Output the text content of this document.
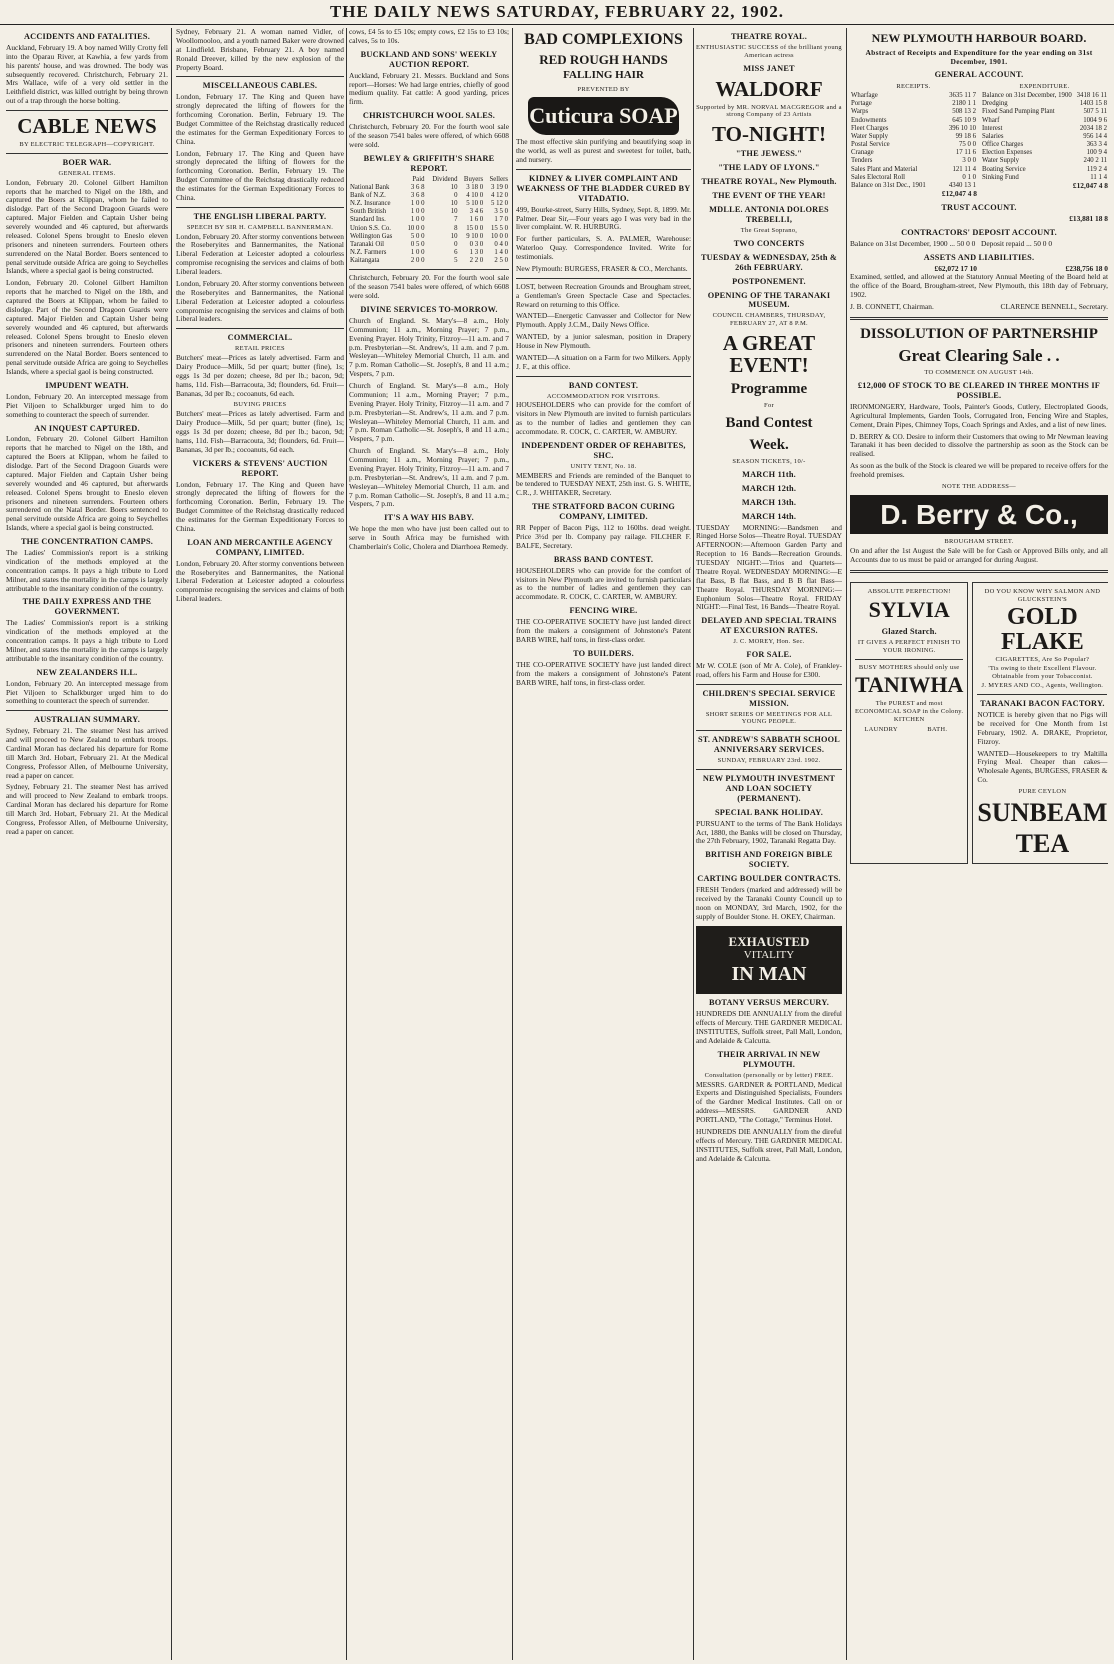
THE DAILY NEWS SATURDAY, FEBRUARY 22, 1902.
ACCIDENTS AND FATALITIES.

Auckland, February 19. A boy named Willy Crotty fell into the Oparau River, at Kawhia, a few yards from his parents' house, and was drowned. The body was subsequently recovered. Christchurch, February 21. Mrs Wallace, wife of a very old settler in the Leithfield district, was killed outright by being thrown out of a trap through the horse bolting.

CABLE NEWS
BY ELECTRIC TELEGRAPH—COPYRIGHT.
BOER WAR.
GENERAL ITEMS.

London, February 20. Colonel Gilbert Hamilton reports that he marched to Nigel on the 18th, and captured the Boers at Klippan, whom he failed to dislodge. Part of the Second Dragoon Guards were captured. Major Fielden and Captain Usher being severely wounded and 46 captured, but afterwards released. Colonel Spens brought to Eneslo eleven prisoners and nineteen surrenders. Fourteen others surrendered on the Natal Border. Boers sentenced to penal servitude outside Africa are going to Seychelles Islands, where a special gaol is being constructed.

London, February 20. Colonel Gilbert Hamilton reports that he marched to Nigel on the 18th, and captured the Boers at Klippan, whom he failed to dislodge. Part of the Second Dragoon Guards were captured. Major Fielden and Captain Usher being severely wounded and 46 captured, but afterwards released. Colonel Spens brought to Eneslo eleven prisoners and nineteen surrenders. Fourteen others surrendered on the Natal Border. Boers sentenced to penal servitude outside Africa are going to Seychelles Islands, where a special gaol is being constructed.

IMPUDENT WEATH.

London, February 20. An intercepted message from Piet Viljoen to Schalkburger urged him to do something to counteract the speech of surrender.

AN INQUEST CAPTURED.

London, February 20. Colonel Gilbert Hamilton reports that he marched to Nigel on the 18th, and captured the Boers at Klippan, whom he failed to dislodge. Part of the Second Dragoon Guards were captured. Major Fielden and Captain Usher being severely wounded and 46 captured, but afterwards released. Colonel Spens brought to Eneslo eleven prisoners and nineteen surrenders. Fourteen others surrendered on the Natal Border. Boers sentenced to penal servitude outside Africa are going to Seychelles Islands, where a special gaol is being constructed.

THE CONCENTRATION CAMPS.

The Ladies' Commission's report is a striking vindication of the methods employed at the concentration camps. It pays a high tribute to Lord Milner, and states the mortality in the camps is largely attributable to the insanitary condition of the country.

THE DAILY EXPRESS AND THE GOVERNMENT.

The Ladies' Commission's report is a striking vindication of the methods employed at the concentration camps. It pays a high tribute to Lord Milner, and states the mortality in the camps is largely attributable to the insanitary condition of the country.

NEW ZEALANDERS ILL.

London, February 20. An intercepted message from Piet Viljoen to Schalkburger urged him to do something to counteract the speech of surrender.

AUSTRALIAN SUMMARY.

Sydney, February 21. The steamer Nest has arrived and will proceed to New Zealand to embark troops. Cardinal Moran has declared his departure for Rome till March 3rd. Hobart, February 21. At the Medical Congress, Professor Allen, of Melbourne University, read a paper on cancer.

Sydney, February 21. The steamer Nest has arrived and will proceed to New Zealand to embark troops. Cardinal Moran has declared his departure for Rome till March 3rd. Hobart, February 21. At the Medical Congress, Professor Allen, of Melbourne University, read a paper on cancer.

Sydney, February 21. A woman named Vidler, of Woollomooloo, and a youth named Baker were drowned at Lindfield. Brisbane, February 21. A boy named Ronald Dreever, killed by the new explosion of the Property Board.

MISCELLANEOUS CABLES.

London, February 17. The King and Queen have strongly deprecated the lifting of flowers for the forthcoming Coronation. Berlin, February 19. The Budget Committee of the Reichstag drastically reduced the estimates for the German Expeditionary Forces to China.

London, February 17. The King and Queen have strongly deprecated the lifting of flowers for the forthcoming Coronation. Berlin, February 19. The Budget Committee of the Reichstag drastically reduced the estimates for the German Expeditionary Forces to China.

THE ENGLISH LIBERAL PARTY.
SPEECH BY SIR H. CAMPBELL BANNERMAN.

London, February 20. After stormy conventions between the Roseberyites and Bannermanites, the National Liberal Federation at Leicester adopted a colourless compromise recognising the services and claims of both Liberal leaders.

London, February 20. After stormy conventions between the Roseberyites and Bannermanites, the National Liberal Federation at Leicester adopted a colourless compromise recognising the services and claims of both Liberal leaders.

COMMERCIAL.
RETAIL PRICES

Butchers' meat—Prices as lately advertised. Farm and Dairy Produce—Milk, 5d per quart; butter (fine), 1s; eggs 1s 3d per dozen; cheese, 8d per lb.; bacon, 9d; hams, 11d. Fish—Barracouta, 3d; flounders, 6d. Fruit—Bananas, 3d per lb.; cocoanuts, 6d each.

BUYING PRICES

Butchers' meat—Prices as lately advertised. Farm and Dairy Produce—Milk, 5d per quart; butter (fine), 1s; eggs 1s 3d per dozen; cheese, 8d per lb.; bacon, 9d; hams, 11d. Fish—Barracouta, 3d; flounders, 6d. Fruit—Bananas, 3d per lb.; cocoanuts, 6d each.

VICKERS & STEVENS' AUCTION REPORT.

London, February 17. The King and Queen have strongly deprecated the lifting of flowers for the forthcoming Coronation. Berlin, February 19. The Budget Committee of the Reichstag drastically reduced the estimates for the German Expeditionary Forces to China.

LOAN AND MERCANTILE AGENCY COMPANY, LIMITED.

London, February 20. After stormy conventions between the Roseberyites and Bannermanites, the National Liberal Federation at Leicester adopted a colourless compromise recognising the services and claims of both Liberal leaders.

cows, £4 5s to £5 10s; empty cows, £2 15s to £3 10s; calves, 5s to 10s.

BUCKLAND AND SONS' WEEKLY AUCTION REPORT.

Auckland, February 21. Messrs. Buckland and Sons report—Horses: We had large entries, chiefly of good medium quality. Fat cattle: A good yarding, prices firm.

CHRISTCHURCH WOOL SALES.

Christchurch, February 20. For the fourth wool sale of the season 7541 bales were offered, of which 6608 were sold.

BEWLEY & GRIFFITH'S SHARE REPORT.
	Paid	Dividend	Buyers	Sellers
National Bank	3 6 8	10	3 18 0	3 19 0
Bank of N.Z.	3 6 8	0	4 10 0	4 12 0
N.Z. Insurance	1 0 0	10	5 10 0	5 12 0
South British	1 0 0	10	3 4 6	3 5 0
Standard Ins.	1 0 0	7	1 6 0	1 7 0
Union S.S. Co.	10 0 0	8	15 0 0	15 5 0
Wellington Gas	5 0 0	10	9 10 0	10 0 0
Taranaki Oil	0 5 0	0	0 3 0	0 4 0
N.Z. Farmers	1 0 0	6	1 3 0	1 4 0
Kaitangata	2 0 0	5	2 2 0	2 5 0

Christchurch, February 20. For the fourth wool sale of the season 7541 bales were offered, of which 6608 were sold.

DIVINE SERVICES TO-MORROW.

Church of England. St. Mary's—8 a.m., Holy Communion; 11 a.m., Morning Prayer; 7 p.m., Evening Prayer. Holy Trinity, Fitzroy—11 a.m. and 7 p.m. Presbyterian—St. Andrew's, 11 a.m. and 7 p.m. Wesleyan—Whiteley Memorial Church, 11 a.m. and 7 p.m. Roman Catholic—St. Joseph's, 8 and 11 a.m.; Vespers, 7 p.m.

Church of England. St. Mary's—8 a.m., Holy Communion; 11 a.m., Morning Prayer; 7 p.m., Evening Prayer. Holy Trinity, Fitzroy—11 a.m. and 7 p.m. Presbyterian—St. Andrew's, 11 a.m. and 7 p.m. Wesleyan—Whiteley Memorial Church, 11 a.m. and 7 p.m. Roman Catholic—St. Joseph's, 8 and 11 a.m.; Vespers, 7 p.m.

Church of England. St. Mary's—8 a.m., Holy Communion; 11 a.m., Morning Prayer; 7 p.m., Evening Prayer. Holy Trinity, Fitzroy—11 a.m. and 7 p.m. Presbyterian—St. Andrew's, 11 a.m. and 7 p.m. Wesleyan—Whiteley Memorial Church, 11 a.m. and 7 p.m. Roman Catholic—St. Joseph's, 8 and 11 a.m.; Vespers, 7 p.m.

IT'S A WAY HIS BABY.

We hope the men who have just been called out to serve in South Africa may be furnished with Chamberlain's Colic, Cholera and Diarrhoea Remedy.

BAD COMPLEXIONS
RED ROUGH HANDS
FALLING HAIR
PREVENTED BY
Cuticura SOAP

The most effective skin purifying and beautifying soap in the world, as well as purest and sweetest for toilet, bath, and nursery.

KIDNEY & LIVER COMPLAINT AND WEAKNESS OF THE BLADDER CURED BY VITADATIO.

499, Bourke-street, Surry Hills, Sydney, Sept. 8, 1899. Mr. Palmer. Dear Sir,—Four years ago I was very bad in the liver complaint. W. R. HURBURG.

For further particulars, S. A. PALMER, Warehouse: Waterloo Quay. Correspondence Invited. Write for testimonials.

New Plymouth: BURGESS, FRASER & CO., Merchants.

LOST, between Recreation Grounds and Brougham street, a Gentleman's Green Spectacle Case and Spectacles. Reward on returning to this Office.

WANTED—Energetic Canvasser and Collector for New Plymouth. Apply J.C.M., Daily News Office.

WANTED, by a junior salesman, position in Drapery House in New Plymouth.

WANTED—A situation on a Farm for two Milkers. Apply J. F., at this office.

BAND CONTEST.
ACCOMMODATION FOR VISITORS.

HOUSEHOLDERS who can provide for the comfort of visitors in New Plymouth are invited to furnish particulars as to the number of ladies and gentlemen they can accommodate. R. COCK, C. CARTER, W. AMBURY.

INDEPENDENT ORDER OF REHABITES, SHC.
UNITY TENT, No. 18.

MEMBERS and Friends are reminded of the Banquet to be tendered to TUESDAY NEXT, 25th inst. G. S. WHITE, C.R., J. WHITAKER, Secretary.

THE STRATFORD BACON CURING COMPANY, LIMITED.

RR Pepper of Bacon Pigs, 112 to 160lbs. dead weight. Price 3½d per lb. Company pay railage. FILCHER F. BALFE, Secretary.

BRASS BAND CONTEST.

HOUSEHOLDERS who can provide for the comfort of visitors in New Plymouth are invited to furnish particulars as to the number of ladies and gentlemen they can accommodate. R. COCK, C. CARTER, W. AMBURY.

FENCING WIRE.

THE CO-OPERATIVE SOCIETY have just landed direct from the makers a consignment of Johnstone's Patent BARB WIRE, half tons, in first-class order.

TO BUILDERS.

THE CO-OPERATIVE SOCIETY have just landed direct from the makers a consignment of Johnstone's Patent BARB WIRE, half tons, in first-class order.

THEATRE ROYAL.
ENTHUSIASTIC SUCCESS of the brilliant young American actress
MISS JANET
WALDORF
Supported by MR. NORVAL MACGREGOR and a strong Company of 23 Artists
TO-NIGHT!
"THE JEWESS."
"THE LADY OF LYONS."
THEATRE ROYAL, New Plymouth.
THE EVENT OF THE YEAR!
MDLLE. ANTONIA DOLORES TREBELLI,
The Great Soprano,
TWO CONCERTS
TUESDAY & WEDNESDAY, 25th & 26th FEBRUARY.
POSTPONEMENT.
OPENING OF THE TARANAKI MUSEUM.
COUNCIL CHAMBERS, THURSDAY, FEBRUARY 27, AT 8 P.M.
A GREAT EVENT!
Programme
For
Band Contest
Week.
SEASON TICKETS, 10/-
MARCH 11th.
MARCH 12th.
MARCH 13th.
MARCH 14th.

TUESDAY MORNING:—Bandsmen and Ringed Horse Solos—Theatre Royal. TUESDAY AFTERNOON:—Afternoon Garden Party and Reception to 16 Bands—Recreation Grounds. TUESDAY NIGHT:—Trios and Quartets—Theatre Royal. WEDNESDAY MORNING:—E flat Bass, B flat Bass, and B B flat Bass—Theatre Royal. THURSDAY MORNING:—Euphonium Solos—Theatre Royal. FRIDAY NIGHT:—Final Test, 16 Bands—Theatre Royal.

DELAYED AND SPECIAL TRAINS AT EXCURSION RATES.
J. C. MOREY, Hon. Sec.
FOR SALE.

Mr W. COLE (son of Mr A. Cole), of Frankley-road, offers his Farm and House for £300.

CHILDREN'S SPECIAL SERVICE MISSION.
SHORT SERIES OF MEETINGS FOR ALL YOUNG PEOPLE.
ST. ANDREW'S SABBATH SCHOOL ANNIVERSARY SERVICES.
SUNDAY, FEBRUARY 23rd. 1902.
NEW PLYMOUTH INVESTMENT AND LOAN SOCIETY (PERMANENT).
SPECIAL BANK HOLIDAY.

PURSUANT to the terms of The Bank Holidays Act, 1880, the Banks will be closed on Thursday, the 27th February, 1902, Taranaki Regatta Day.

BRITISH AND FOREIGN BIBLE SOCIETY.
CARTING BOULDER CONTRACTS.

FRESH Tenders (marked and addressed) will be received by the Taranaki County Council up to noon on MONDAY, 3rd March, 1902, for the supply of Boulder Stone. H. OKEY, Chairman.

EXHAUSTED
VITALITY
IN MAN
BOTANY VERSUS MERCURY.

HUNDREDS DIE ANNUALLY from the direful effects of Mercury. THE GARDNER MEDICAL INSTITUTES, Suffolk street, Pall Mall, London, and Adelaide & Calcutta.

THEIR ARRIVAL IN NEW PLYMOUTH.
Consultation (personally or by letter) FREE.

MESSRS. GARDNER & PORTLAND, Medical Experts and Distinguished Specialists, Founders of the Gardner Medical Institutes. Call on or address—MESSRS. GARDNER AND PORTLAND, "The Cottage," Terminus Hotel.

HUNDREDS DIE ANNUALLY from the direful effects of Mercury. THE GARDNER MEDICAL INSTITUTES, Suffolk street, Pall Mall, London, and Adelaide & Calcutta.

NEW PLYMOUTH HARBOUR BOARD.
Abstract of Receipts and Expenditure for the year ending on 31st December, 1901.
GENERAL ACCOUNT.
RECEIPTS.
Wharfage	3635 11 7
Portage	2180 1 1
Warps	508 13 2
Endowments	645 10 9
Fleet Charges	396 10 10
Water Supply	99 18 6
Postal Service	75 0 0
Cranage	17 11 6
Tenders	3 0 0
Sales Plant and Material	121 11 4
Sales Electoral Roll	0 1 0
Balance on 31st Dec., 1901	4340 13 1
£12,047 4 8
EXPENDITURE.
Balance on 31st December, 1900	3418 16 11
Dredging	1403 15 8
Fixed Sand Pumping Plant	507 5 11
Wharf	1004 9 6
Interest	2034 18 2
Salaries	956 14 4
Office Charges	363 3 4
Election Expenses	100 9 4
Water Supply	240 2 11
Boating Service	119 2 4
Sinking Fund	11 1 4
£12,047 4 8
TRUST ACCOUNT.
£13,881 18 8
CONTRACTORS' DEPOSIT ACCOUNT.
Balance on 31st December, 1900 ... 50 0 0 Deposit repaid ... 50 0 0
ASSETS AND LIABILITIES.
£62,072 17 10	£238,756 18 0

Examined, settled, and allowed at the Statutory Annual Meeting of the Board held at the office of the Board, Brougham-street, New Plymouth, this 18th day of February, 1902.

J. B. CONNETT, Chairman.	CLARENCE BENNELL, Secretary.
DISSOLUTION OF PARTNERSHIP
Great Clearing Sale . .
TO COMMENCE ON AUGUST 14th.
£12,000 OF STOCK TO BE CLEARED IN THREE MONTHS IF POSSIBLE.

IRONMONGERY, Hardware, Tools, Painter's Goods, Cutlery, Electroplated Goods, Agricultural Implements, Garden Tools, Corrugated Iron, Fencing Wire and Staples, Cement, Drain Pipes, Chimney Tops, Coach Springs and Axles, and a list of new lines.

D. BERRY & CO. Desire to inform their Customers that owing to Mr Newman leaving Taranaki it has been decided to dissolve the partnership as soon as the Stock can be realised.

As soon as the bulk of the Stock is cleared we will be prepared to receive offers for the freehold premises.

NOTE THE ADDRESS—
D. Berry & Co.,
BROUGHAM STREET.

On and after the 1st August the Sale will be for Cash or Approved Bills only, and all Accounts due to us must be paid or arranged for during August.

ABSOLUTE PERFECTION!
SYLVIA
Glazed Starch.
IT GIVES A PERFECT FINISH TO YOUR IRONING.
BUSY MOTHERS should only use
TANIWHA
The PUREST and most ECONOMICAL SOAP in the Colony.
KITCHEN
LAUNDRY	BATH.
DO YOU KNOW WHY SALMON AND GLUCKSTEIN'S
GOLD FLAKE
CIGARETTES, Are So Popular?
'Tis owing to their Excellent Flavour.
Obtainable from your Tobacconist.
J. MYERS AND CO., Agents, Wellington.
TARANAKI BACON FACTORY.

NOTICE is hereby given that no Pigs will be received for One Month from 1st February, 1902. A. DRAKE, Proprietor, Fitzroy.

WANTED—Housekeepers to try Maltilla Frying Meal. Cheaper than cakes—Wholesale Agents, BURGESS, FRASER & Co.

PURE CEYLON
SUNBEAM TEA
